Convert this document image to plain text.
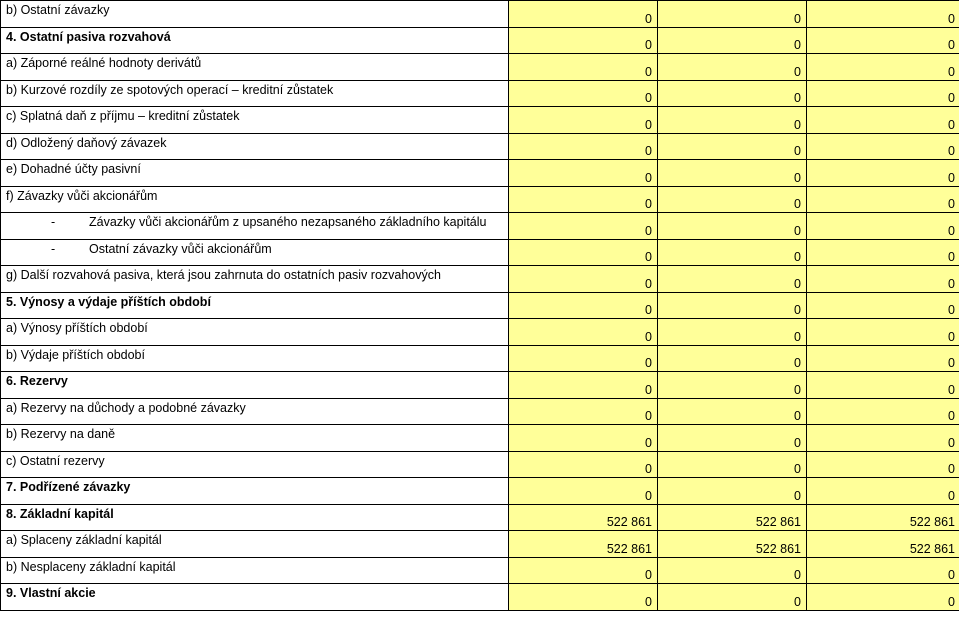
b) Ostatní závazky	0	0	0
4. Ostatní pasiva rozvahová	0	0	0
a) Záporné reálné hodnoty derivátů	0	0	0
b) Kurzové rozdíly ze spotových operací – kreditní zůstatek	0	0	0
c) Splatná daň z příjmu – kreditní zůstatek	0	0	0
d) Odložený daňový závazek	0	0	0
e) Dohadné účty pasivní	0	0	0
f) Závazky vůči akcionářům	0	0	0
- Závazky vůči akcionářům z upsaného nezapsaného základního kapitálu	0	0	0
- Ostatní závazky vůči akcionářům	0	0	0
g) Další rozvahová pasiva, která jsou zahrnuta do ostatních pasiv rozvahových	0	0	0
5. Výnosy a výdaje příštích období	0	0	0
a) Výnosy příštích období	0	0	0
b) Výdaje příštích období	0	0	0
6. Rezervy	0	0	0
a) Rezervy na důchody a podobné závazky	0	0	0
b) Rezervy na daně	0	0	0
c) Ostatní rezervy	0	0	0
7. Podřízené závazky	0	0	0
8. Základní kapitál	522 861	522 861	522 861
a) Splaceny základní kapitál	522 861	522 861	522 861
b) Nesplaceny základní kapitál	0	0	0
9. Vlastní akcie	0	0	0
